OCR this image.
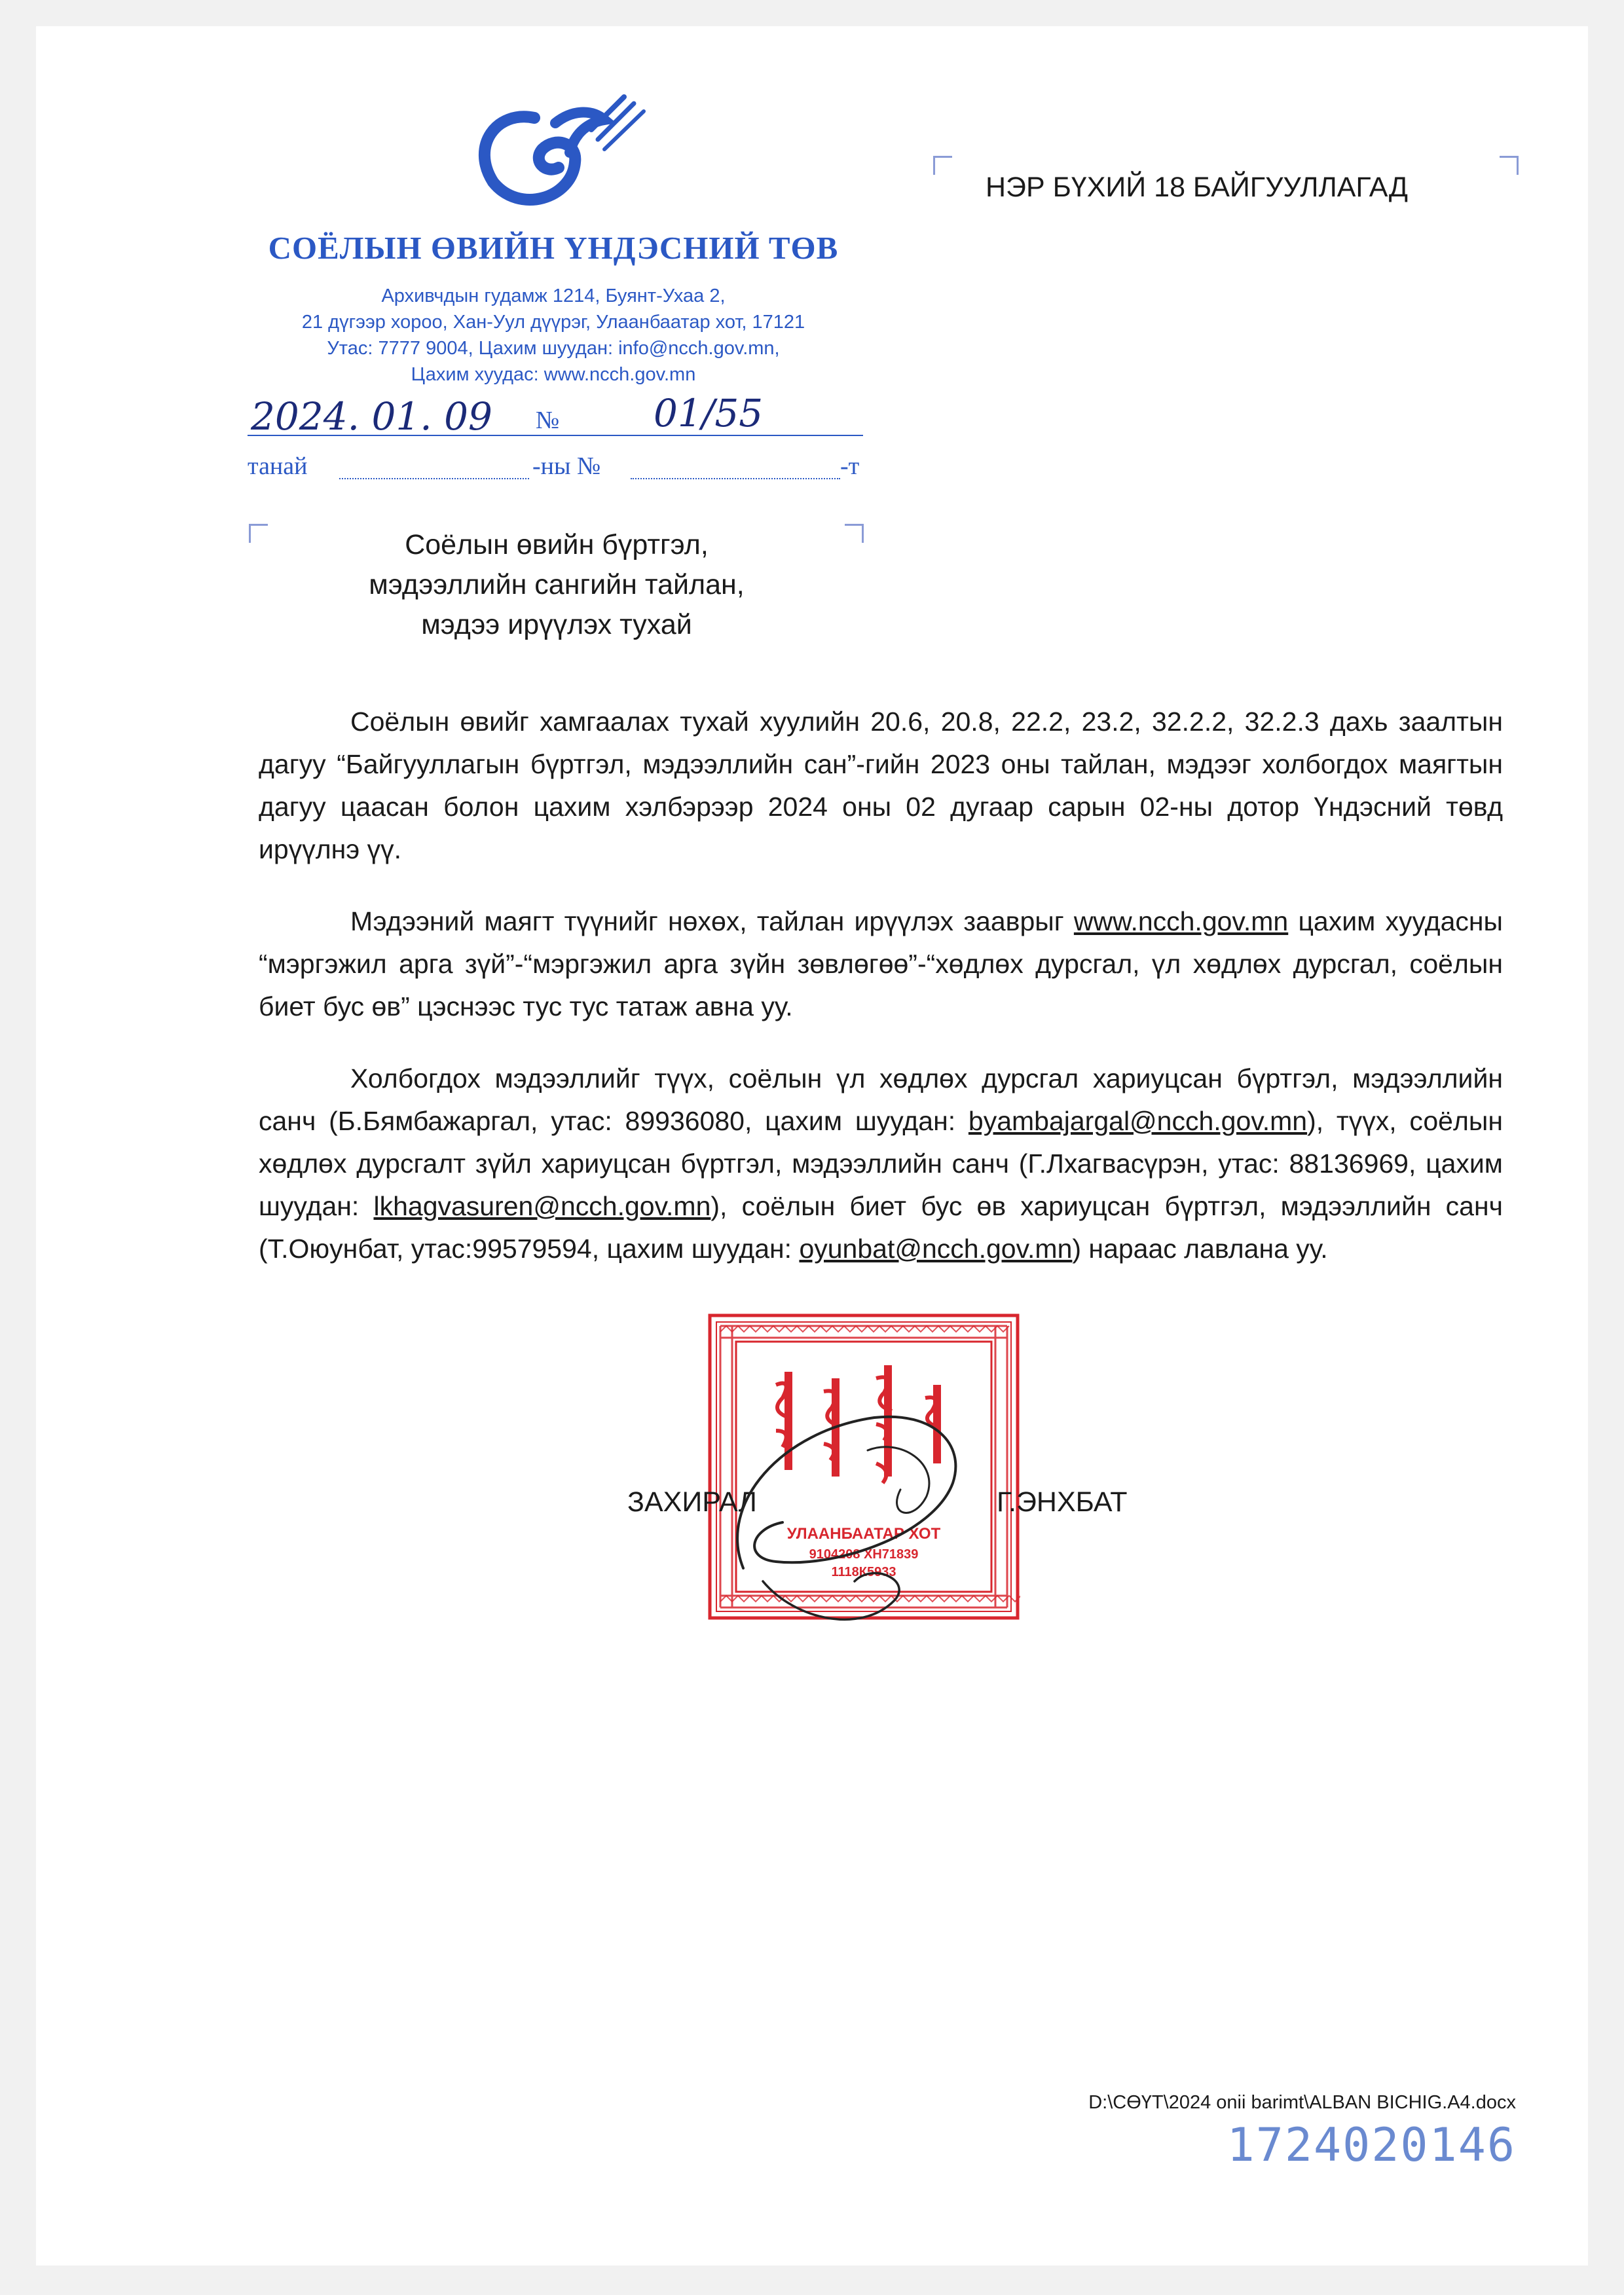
СОЁЛЫН ӨВИЙН ҮНДЭСНИЙ ТӨВ
Архивчдын гудамж 1214, Буянт-Ухаа 2,
21 дүгээр хороо, Хан-Уул дүүрэг, Улаанбаатар хот, 17121
Утас: 7777 9004, Цахим шуудан: info@ncch.gov.mn,
Цахим хуудас: www.ncch.gov.mn
2024. 01. 09 № 01/55
танай	-ны №	-т
НЭР БҮХИЙ 18 БАЙГУУЛЛАГАД
Соёлын өвийн бүртгэл,
мэдээллийн сангийн тайлан,
мэдээ ирүүлэх тухай

Соёлын өвийг хамгаалах тухай хуулийн 20.6, 20.8, 22.2, 23.2, 32.2.2, 32.2.3 дахь заалтын дагуу “Байгууллагын бүртгэл, мэдээллийн сан”-гийн 2023 оны тайлан, мэдээг холбогдох маягтын дагуу цаасан болон цахим хэлбэрээр 2024 оны 02 дугаар сарын 02-ны дотор Үндэсний төвд ирүүлнэ үү.

Мэдээний маягт түүнийг нөхөх, тайлан ирүүлэх зааврыг www.ncch.gov.mn цахим хуудасны “мэргэжил арга зүй”-“мэргэжил арга зүйн зөвлөгөө”-“хөдлөх дурсгал, үл хөдлөх дурсгал, соёлын биет бус өв” цэснээс тус тус татаж авна уу.

Холбогдох мэдээллийг түүх, соёлын үл хөдлөх дурсгал хариуцсан бүртгэл, мэдээллийн санч (Б.Бямбажаргал, утас: 89936080, цахим шуудан: byambajargal@ncch.gov.mn), түүх, соёлын хөдлөх дурсгалт зүйл хариуцсан бүртгэл, мэдээллийн санч (Г.Лхагвасүрэн, утас: 88136969, цахим шуудан: lkhagvasuren@ncch.gov.mn), соёлын биет бус өв хариуцсан бүртгэл, мэдээллийн санч (Т.Оюунбат, утас:99579594, цахим шуудан: oyunbat@ncch.gov.mn) нараас лавлана уу.

УЛААНБААТАР ХОТ
9104208 ХН71839
1118К5933
ЗАХИРАЛ	Г.ЭНХБАТ
D:\СӨҮТ\2024 onii barimt\ALBAN BICHIG.A4.docx
1724020146
